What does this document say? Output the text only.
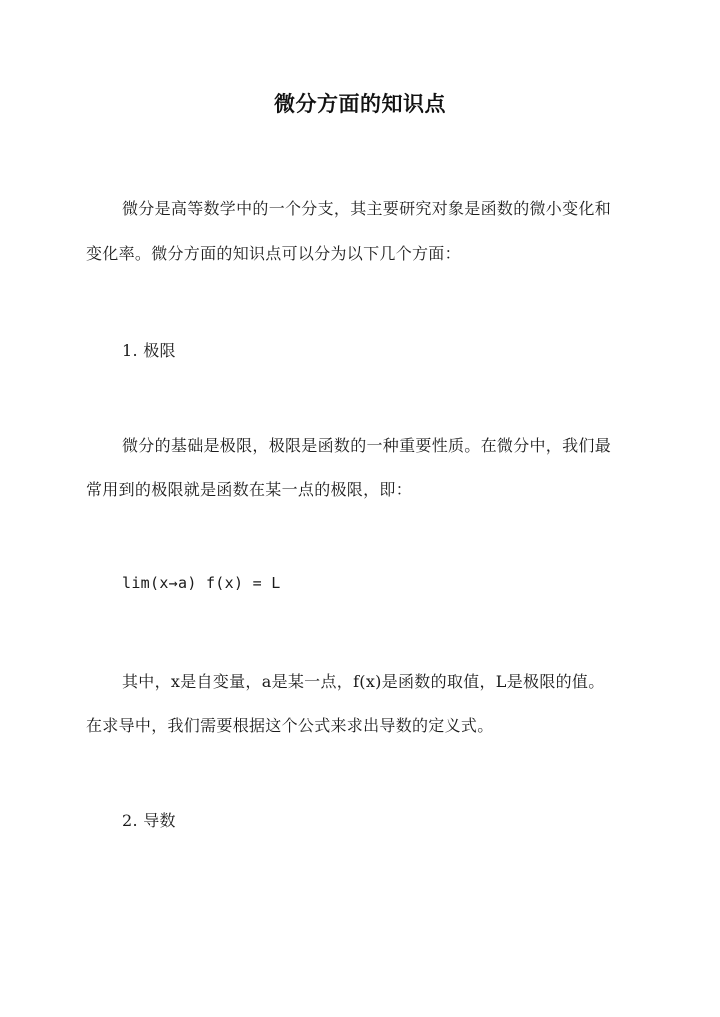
微分方面的知识点
微分是高等数学中的一个分支，其主要研究对象是函数的微小变化和
变化率。微分方面的知识点可以分为以下几个方面：
1. 极限
微分的基础是极限，极限是函数的一种重要性质。在微分中，我们最
常用到的极限就是函数在某一点的极限，即：
lim(x→a) f(x) = L
其中，x是自变量，a是某一点，f(x)是函数的取值，L是极限的值。
在求导中，我们需要根据这个公式来求出导数的定义式。
2. 导数
